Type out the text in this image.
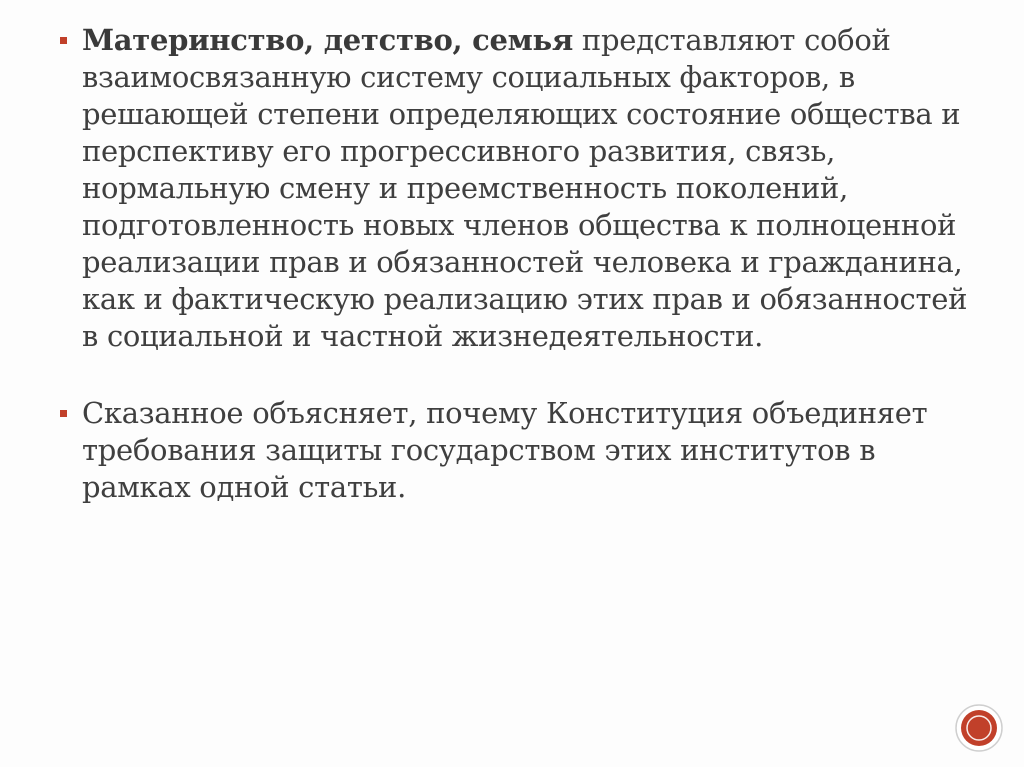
Материнство, детство, семья представляют собой взаимосвязанную систему социальных факторов, в решающей степени определяющих состояние общества и перспективу его прогрессивного развития, связь, нормальную смену и преемственность поколений, подготовленность новых членов общества к полноценной реализации прав и обязанностей человека и гражданина, как и фактическую реализацию этих прав и обязанностей в социальной и частной жизнедеятельности.
Сказанное объясняет, почему Конституция объединяет требования защиты государством этих институтов в рамках одной статьи.
